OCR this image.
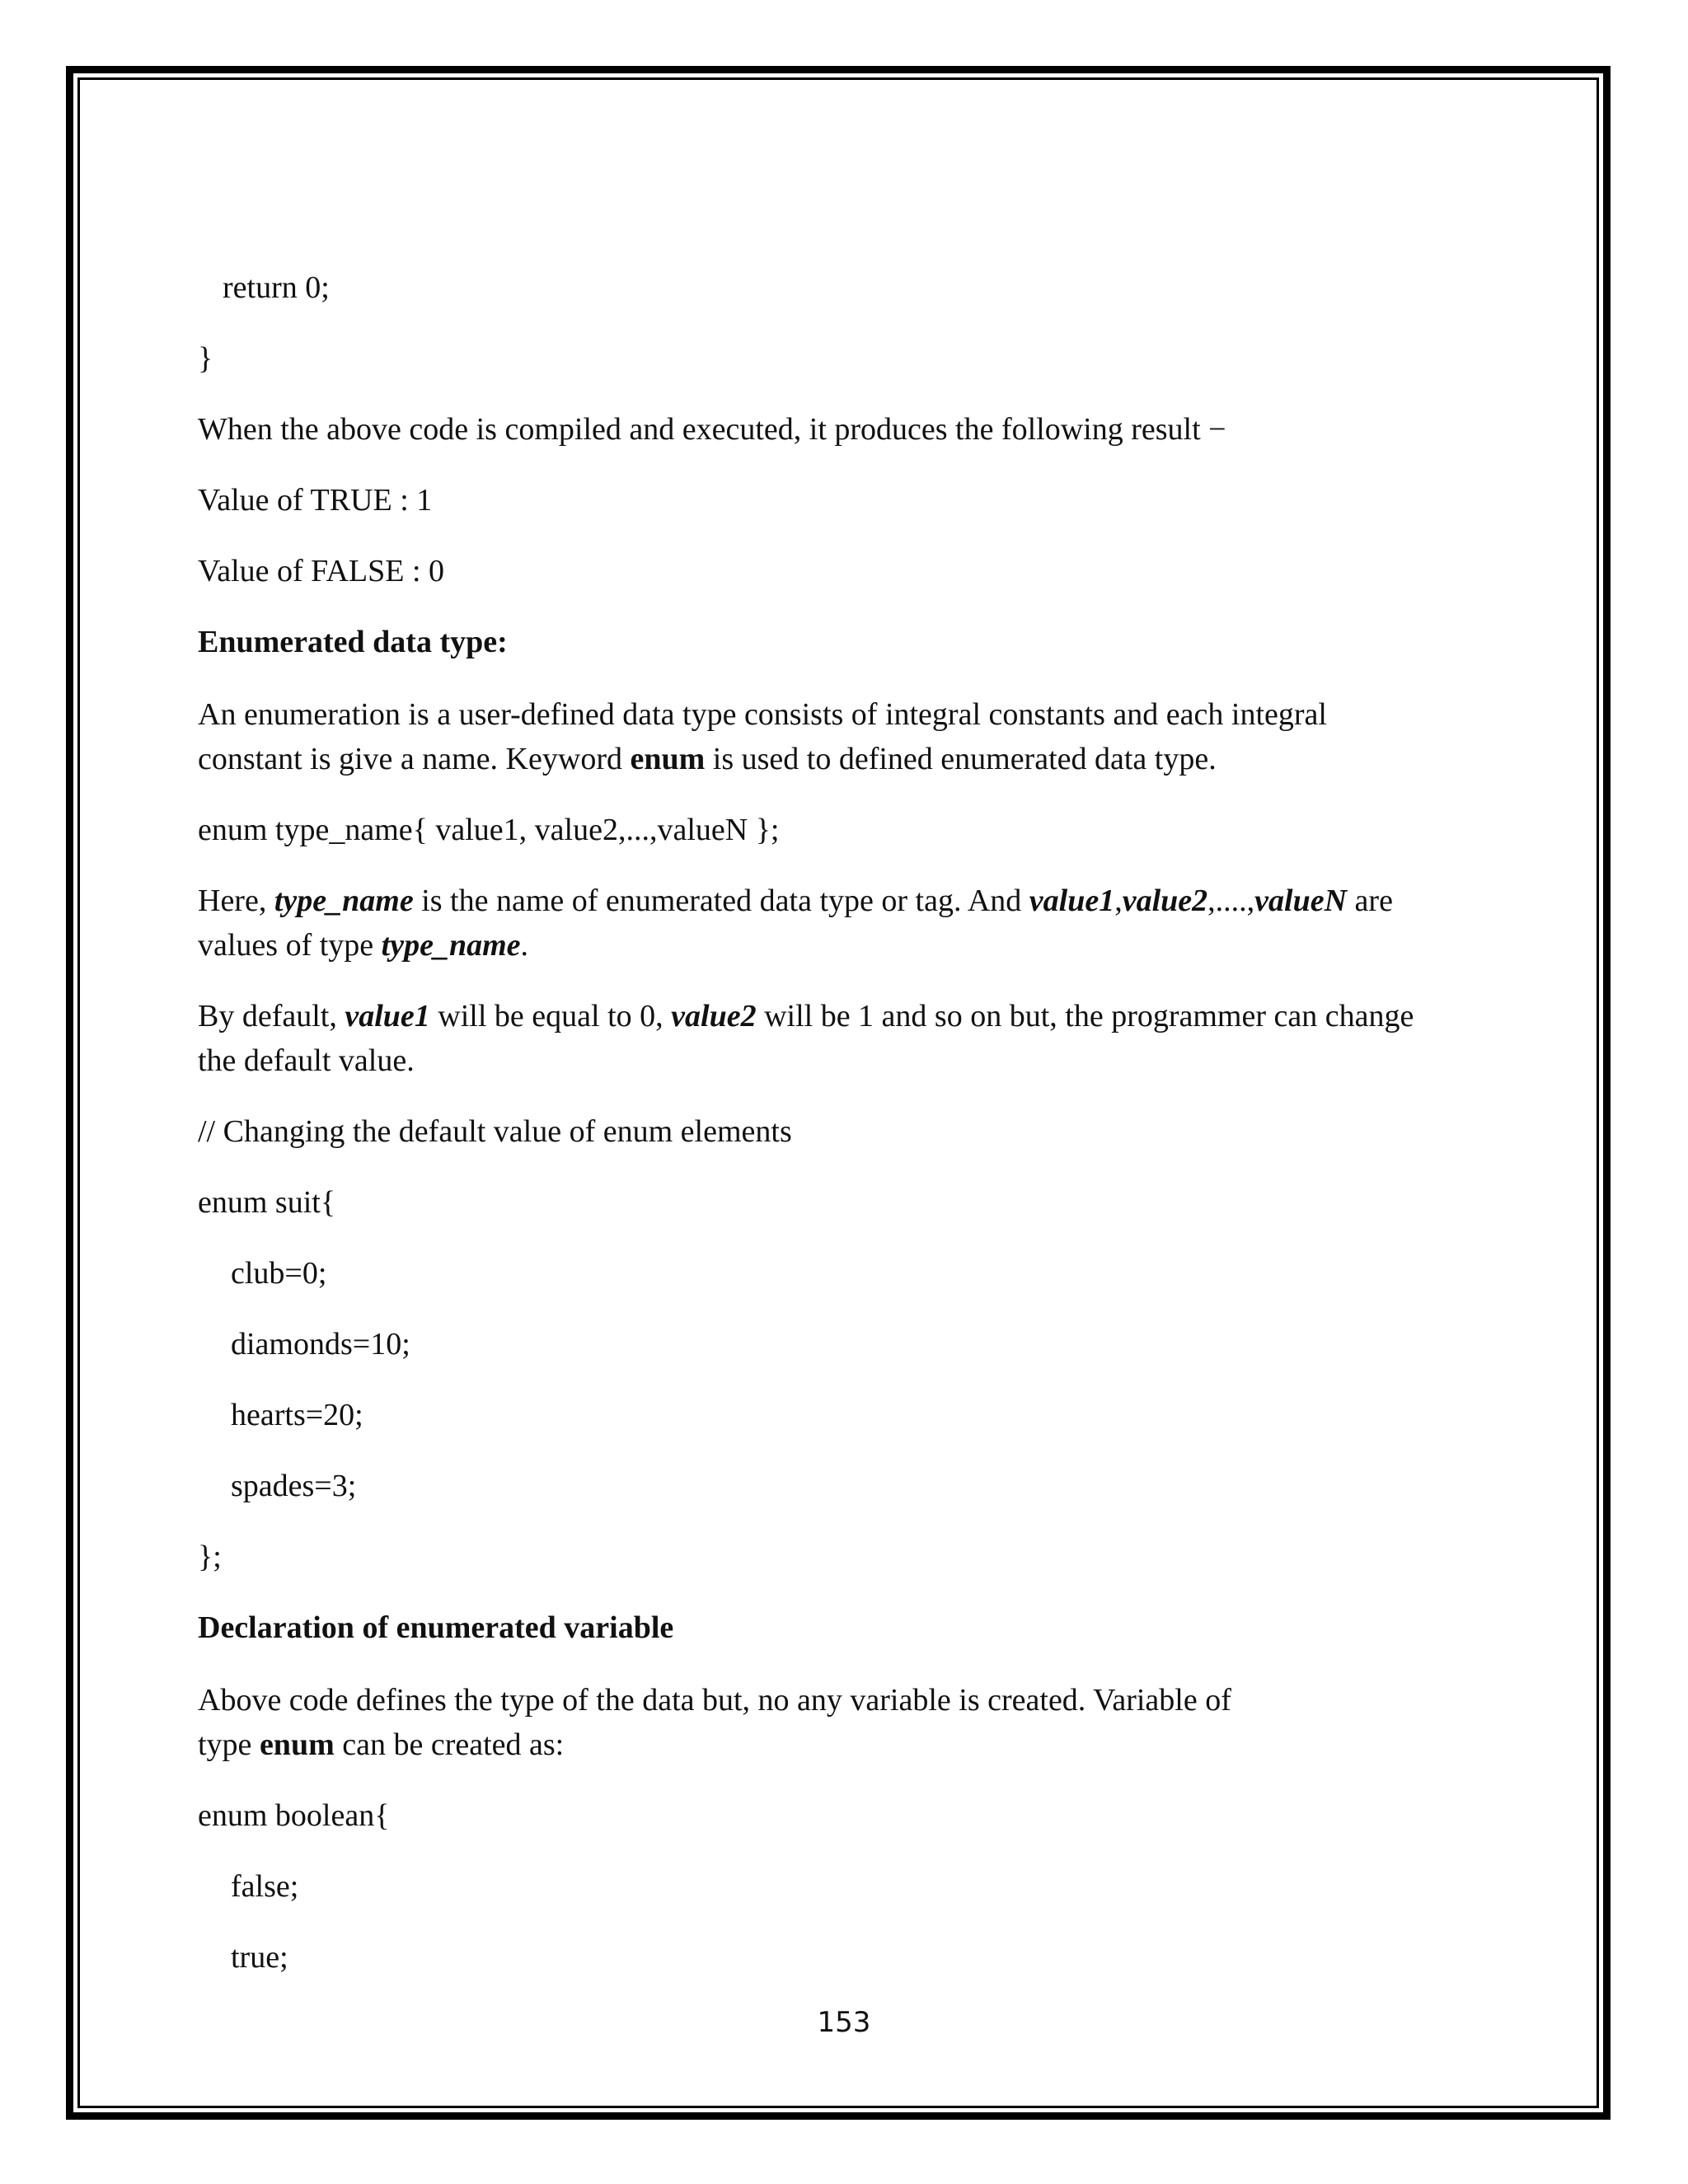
return 0;

}

When the above code is compiled and executed, it produces the following result −

Value of TRUE : 1

Value of FALSE : 0

Enumerated data type:

An enumeration is a user-defined data type consists of integral constants and each integral

constant is give a name. Keyword enum is used to defined enumerated data type.

enum type_name{ value1, value2,...,valueN };

Here, type_name is the name of enumerated data type or tag. And value1,value2,....,valueN are

values of type type_name.

By default, value1 will be equal to 0, value2 will be 1 and so on but, the programmer can change

the default value.

// Changing the default value of enum elements

enum suit{

club=0;

diamonds=10;

hearts=20;

spades=3;

};

Declaration of enumerated variable

Above code defines the type of the data but, no any variable is created. Variable of

type enum can be created as:

enum boolean{

false;

true;

153
